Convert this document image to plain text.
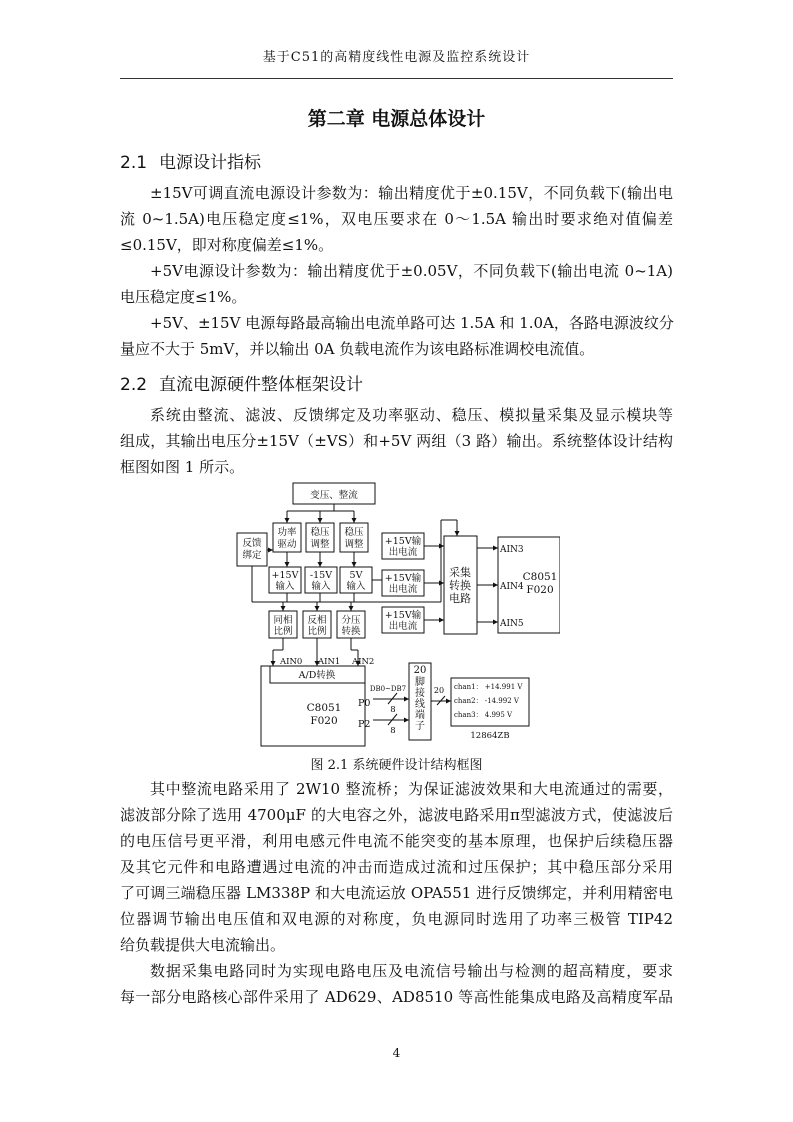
基于C51的高精度线性电源及监控系统设计
第二章 电源总体设计
2.1 电源设计指标
±15V可调直流电源设计参数为：输出精度优于±0.15V，不同负载下(输出电
流 0~1.5A)电压稳定度≤1%，双电压要求在 0～1.5A 输出时要求绝对值偏差
≤0.15V，即对称度偏差≤1%。
+5V电源设计参数为：输出精度优于±0.05V，不同负载下(输出电流 0~1A)
电压稳定度≤1%。
+5V、±15V 电源每路最高输出电流单路可达 1.5A 和 1.0A，各路电源波纹分
量应不大于 5mV，并以输出 0A 负载电流作为该电路标准调校电流值。
2.2 直流电源硬件整体框架设计
系统由整流、滤波、反馈绑定及功率驱动、稳压、模拟量采集及显示模块等
组成，其输出电压分±15V（±VS）和+5V 两组（3 路）输出。系统整体设计结构
框图如图 1 所示。
变压、整流
反馈
绑定
功率
驱动
稳压
调整
稳压
调整
+15V
输入
-15V
输入
5V
输入
同相
比例
反相
比例
分压
转换
+15V输
出电流
+15V输
出电流
+15V输
出电流
采集
转换
电路
C8051
F020
A/D转换
C8051
F020
20
脚
接
线
端
子
12864ZB
8
8
20
DB0~DB7
AIN3
AIN4
AIN5
AIN0 AIN1 AIN2
P0
P2
chan1： +14.991 V
chan2： -14.992 V
chan3： 4.995 V
图 2.1 系统硬件设计结构框图
其中整流电路采用了 2W10 整流桥；为保证滤波效果和大电流通过的需要，
滤波部分除了选用 4700μF 的大电容之外，滤波电路采用π型滤波方式，使滤波后
的电压信号更平滑，利用电感元件电流不能突变的基本原理，也保护后续稳压器
及其它元件和电路遭遇过电流的冲击而造成过流和过压保护；其中稳压部分采用
了可调三端稳压器 LM338P 和大电流运放 OPA551 进行反馈绑定，并利用精密电
位器调节输出电压值和双电源的对称度，负电源同时选用了功率三极管 TIP42
给负载提供大电流输出。
数据采集电路同时为实现电路电压及电流信号输出与检测的超高精度，要求
每一部分电路核心部件采用了 AD629、AD8510 等高性能集成电路及高精度军品
4
